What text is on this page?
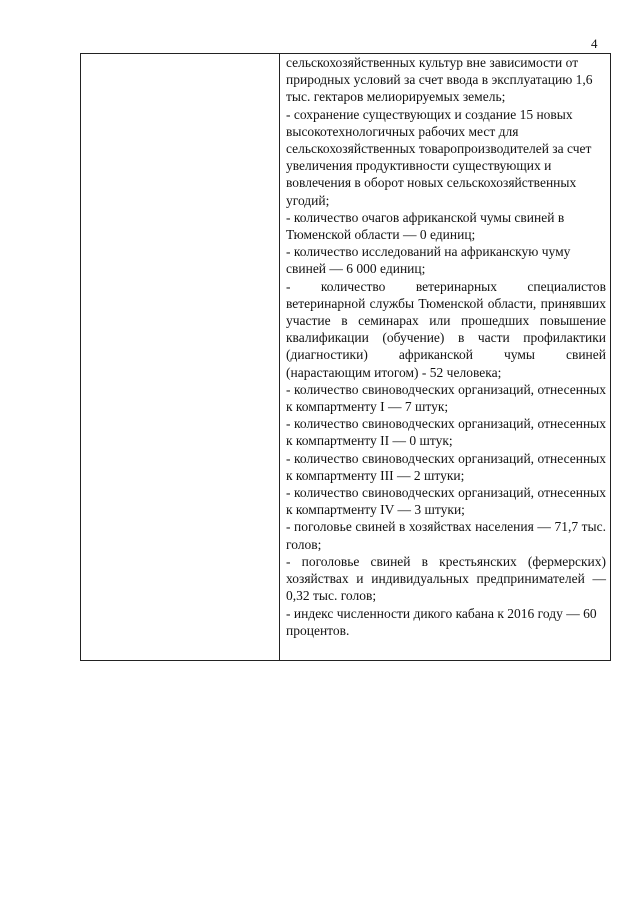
4

сельскохозяйственных культур вне зависимости от природных условий за счет ввода в эксплуатацию 1,6 тыс. гектаров мелиорируемых земель;

- сохранение существующих и создание 15 новых высокотехнологичных рабочих мест для сельскохозяйственных товаропроизводителей за счет увеличения продуктивности существующих и вовлечения в оборот новых сельскохозяйственных угодий;

- количество очагов африканской чумы свиней в Тюменской области — 0 единиц;

- количество исследований на африканскую чуму свиней — 6 000 единиц;

- количество ветеринарных специалистов ветеринарной службы Тюменской области, принявших участие в семинарах или прошедших повышение квалификации (обучение) в части профилактики (диагностики) африканской чумы свиней (нарастающим итогом) - 52 человека;

- количество свиноводческих организаций, отнесенных к компартменту I — 7 штук;

- количество свиноводческих организаций, отнесенных к компартменту II — 0 штук;

- количество свиноводческих организаций, отнесенных к компартменту III — 2 штуки;

- количество свиноводческих организаций, отнесенных к компартменту IV — 3 штуки;

- поголовье свиней в хозяйствах населения — 71,7 тыс. голов;

- поголовье свиней в крестьянских (фермерских) хозяйствах и индивидуальных предпринимателей — 0,32 тыс. голов;

- индекс численности дикого кабана к 2016 году — 60 процентов.
